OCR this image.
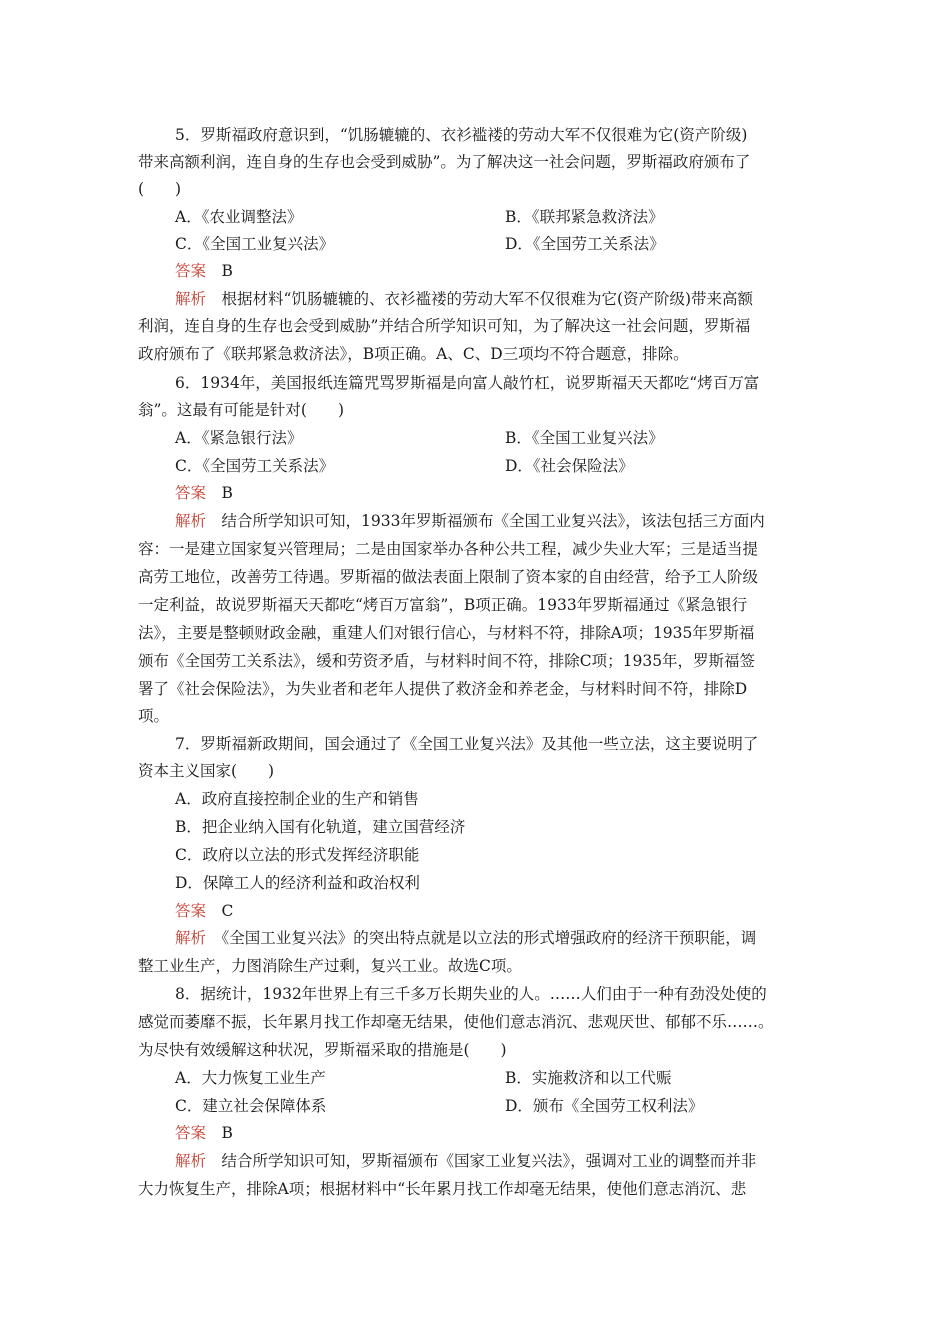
5．罗斯福政府意识到，“饥肠辘辘的、衣衫褴褛的劳动大军不仅很难为它(资产阶级)
带来高额利润，连自身的生存也会受到威胁”。为了解决这一社会问题，罗斯福政府颁布了
(　　)
A．《农业调整法》	B．《联邦紧急救济法》
C．《全国工业复兴法》	D．《全国劳工关系法》
答案　 B
解析　 根据材料“饥肠辘辘的、衣衫褴褛的劳动大军不仅很难为它(资产阶级)带来高额
利润，连自身的生存也会受到威胁”并结合所学知识可知，为了解决这一社会问题，罗斯福
政府颁布了《联邦紧急救济法》，B项正确。A、C、D三项均不符合题意，排除。
6．1934年，美国报纸连篇咒骂罗斯福是向富人敲竹杠，说罗斯福天天都吃“烤百万富
翁”。这最有可能是针对(　　)
A．《紧急银行法》	B．《全国工业复兴法》
C．《全国劳工关系法》	D．《社会保险法》
答案　 B
解析　 结合所学知识可知，1933年罗斯福颁布《全国工业复兴法》，该法包括三方面内
容：一是建立国家复兴管理局；二是由国家举办各种公共工程，减少失业大军；三是适当提
高劳工地位，改善劳工待遇。罗斯福的做法表面上限制了资本家的自由经营，给予工人阶级
一定利益，故说罗斯福天天都吃“烤百万富翁”，B项正确。1933年罗斯福通过《紧急银行
法》，主要是整顿财政金融，重建人们对银行信心，与材料不符，排除A项；1935年罗斯福
颁布《全国劳工关系法》，缓和劳资矛盾，与材料时间不符，排除C项；1935年，罗斯福签
署了《社会保险法》，为失业者和老年人提供了救济金和养老金，与材料时间不符，排除D
项。
7．罗斯福新政期间，国会通过了《全国工业复兴法》及其他一些立法，这主要说明了
资本主义国家(　　)
A．政府直接控制企业的生产和销售
B．把企业纳入国有化轨道，建立国营经济
C．政府以立法的形式发挥经济职能
D．保障工人的经济利益和政治权利
答案　 C
解析　 《全国工业复兴法》的突出特点就是以立法的形式增强政府的经济干预职能，调
整工业生产，力图消除生产过剩，复兴工业。故选C项。
8．据统计，1932年世界上有三千多万长期失业的人。……人们由于一种有劲没处使的
感觉而萎靡不振，长年累月找工作却毫无结果，使他们意志消沉、悲观厌世、郁郁不乐……。
为尽快有效缓解这种状况，罗斯福采取的措施是(　　)
A．大力恢复工业生产	B．实施救济和以工代赈
C．建立社会保障体系	D．颁布《全国劳工权利法》
答案　 B
解析　 结合所学知识可知，罗斯福颁布《国家工业复兴法》，强调对工业的调整而并非
大力恢复生产，排除A项；根据材料中“长年累月找工作却毫无结果，使他们意志消沉、悲
